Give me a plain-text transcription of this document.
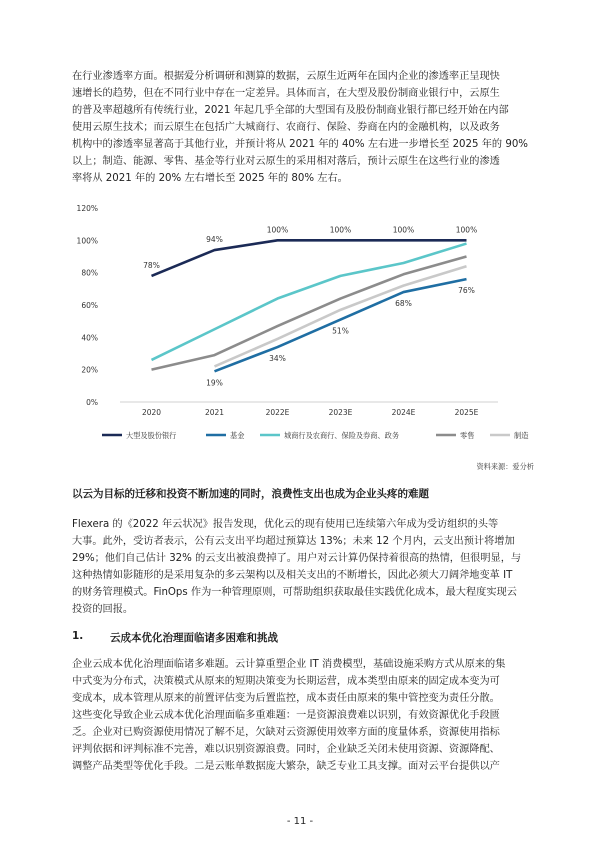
在行业渗透率方面。根据爱分析调研和测算的数据，云原生近两年在国内企业的渗透率正呈现快
速增长的趋势，但在不同行业中存在一定差异。具体而言，在大型及股份制商业银行中，云原生
的普及率超越所有传统行业，2021 年起几乎全部的大型国有及股份制商业银行都已经开始在内部
使用云原生技术；而云原生在包括广大城商行、农商行、保险、券商在内的金融机构，以及政务
机构中的渗透率显著高于其他行业，并预计将从 2021 年的 40% 左右进一步增长至 2025 年的 90%
以上；制造、能源、零售、基金等行业对云原生的采用相对落后，预计云原生在这些行业的渗透
率将从 2021 年的 20% 左右增长至 2025 年的 80% 左右。
0%
20%
40%
60%
80%
100%
120%
2020	2021	2022E	2023E	2024E	2025E
78%
94%
100%	100%	100%	100%
19%
34%
51%
68%
76%
大型及股份银行	基金	城商行及农商行、保险及券商、政务	零售	制造
资料来源：爱分析
以云为目标的迁移和投资不断加速的同时，浪费性支出也成为企业头疼的难题
Flexera 的《2022 年云状况》报告发现，优化云的现有使用已连续第六年成为受访组织的头等
大事。此外，受访者表示，公有云支出平均超过预算达 13%；未来 12 个月内，云支出预计将增加
29%；他们自己估计 32% 的云支出被浪费掉了。用户对云计算仍保持着很高的热情，但很明显，与
这种热情如影随形的是采用复杂的多云架构以及相关支出的不断增长，因此必须大刀阔斧地变革 IT
的财务管理模式。FinOps 作为一种管理原则，可帮助组织获取最佳实践优化成本，最大程度实现云
投资的回报。
1.	云成本优化治理面临诸多困难和挑战
企业云成本优化治理面临诸多难题。云计算重塑企业 IT 消费模型，基础设施采购方式从原来的集
中式变为分布式，决策模式从原来的短期决策变为长期运营，成本类型由原来的固定成本变为可
变成本，成本管理从原来的前置评估变为后置监控，成本责任由原来的集中管控变为责任分散。
这些变化导致企业云成本优化治理面临多重难题：一是资源浪费难以识别，有效资源优化手段匮
乏。企业对已购资源使用情况了解不足，欠缺对云资源使用效率方面的度量体系，资源使用指标
评判依据和评判标准不完善，难以识别资源浪费。同时，企业缺乏关闭未使用资源、资源降配、
调整产品类型等优化手段。二是云账单数据庞大繁杂，缺乏专业工具支撑。面对云平台提供以产
- 11 -
